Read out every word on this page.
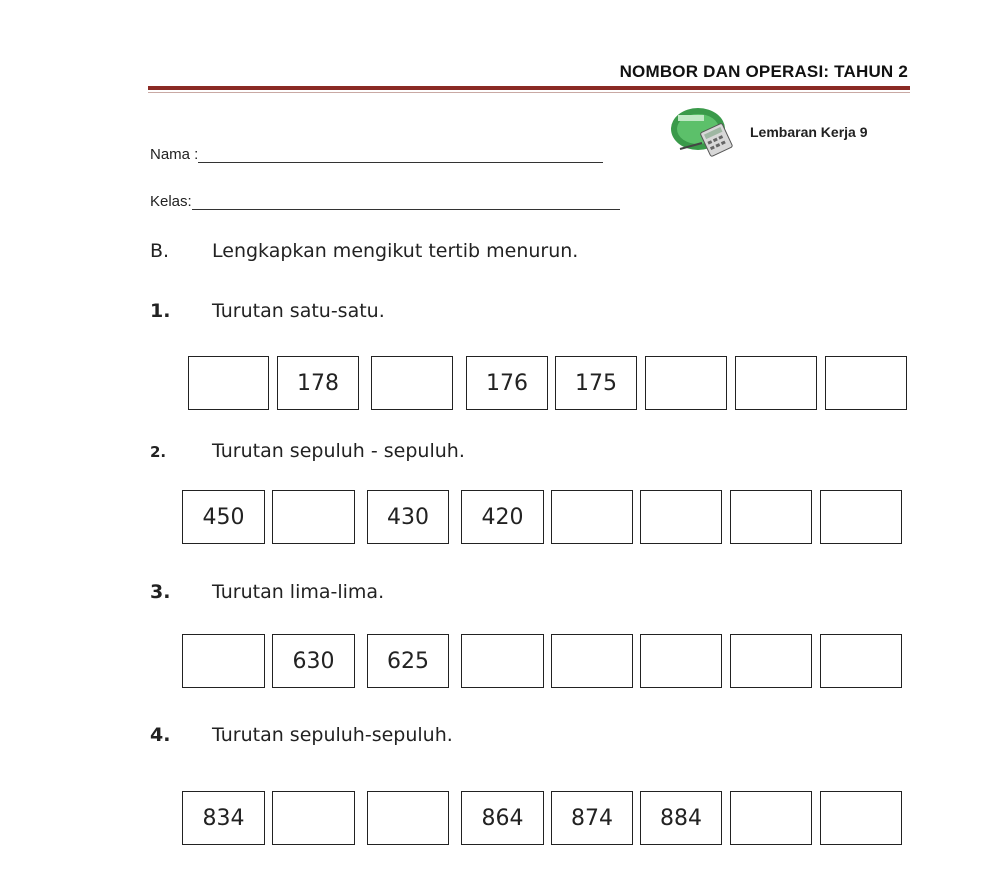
NOMBOR DAN OPERASI: TAHUN 2
Lembaran Kerja 9
Nama :
Kelas:
B. Lengkapkan mengikut tertib menurun.
1. Turutan satu-satu.
178	176	175
2. Turutan sepuluh - sepuluh.
450	430	420
3. Turutan lima-lima.
630	625
4. Turutan sepuluh-sepuluh.
834	864	874	884
